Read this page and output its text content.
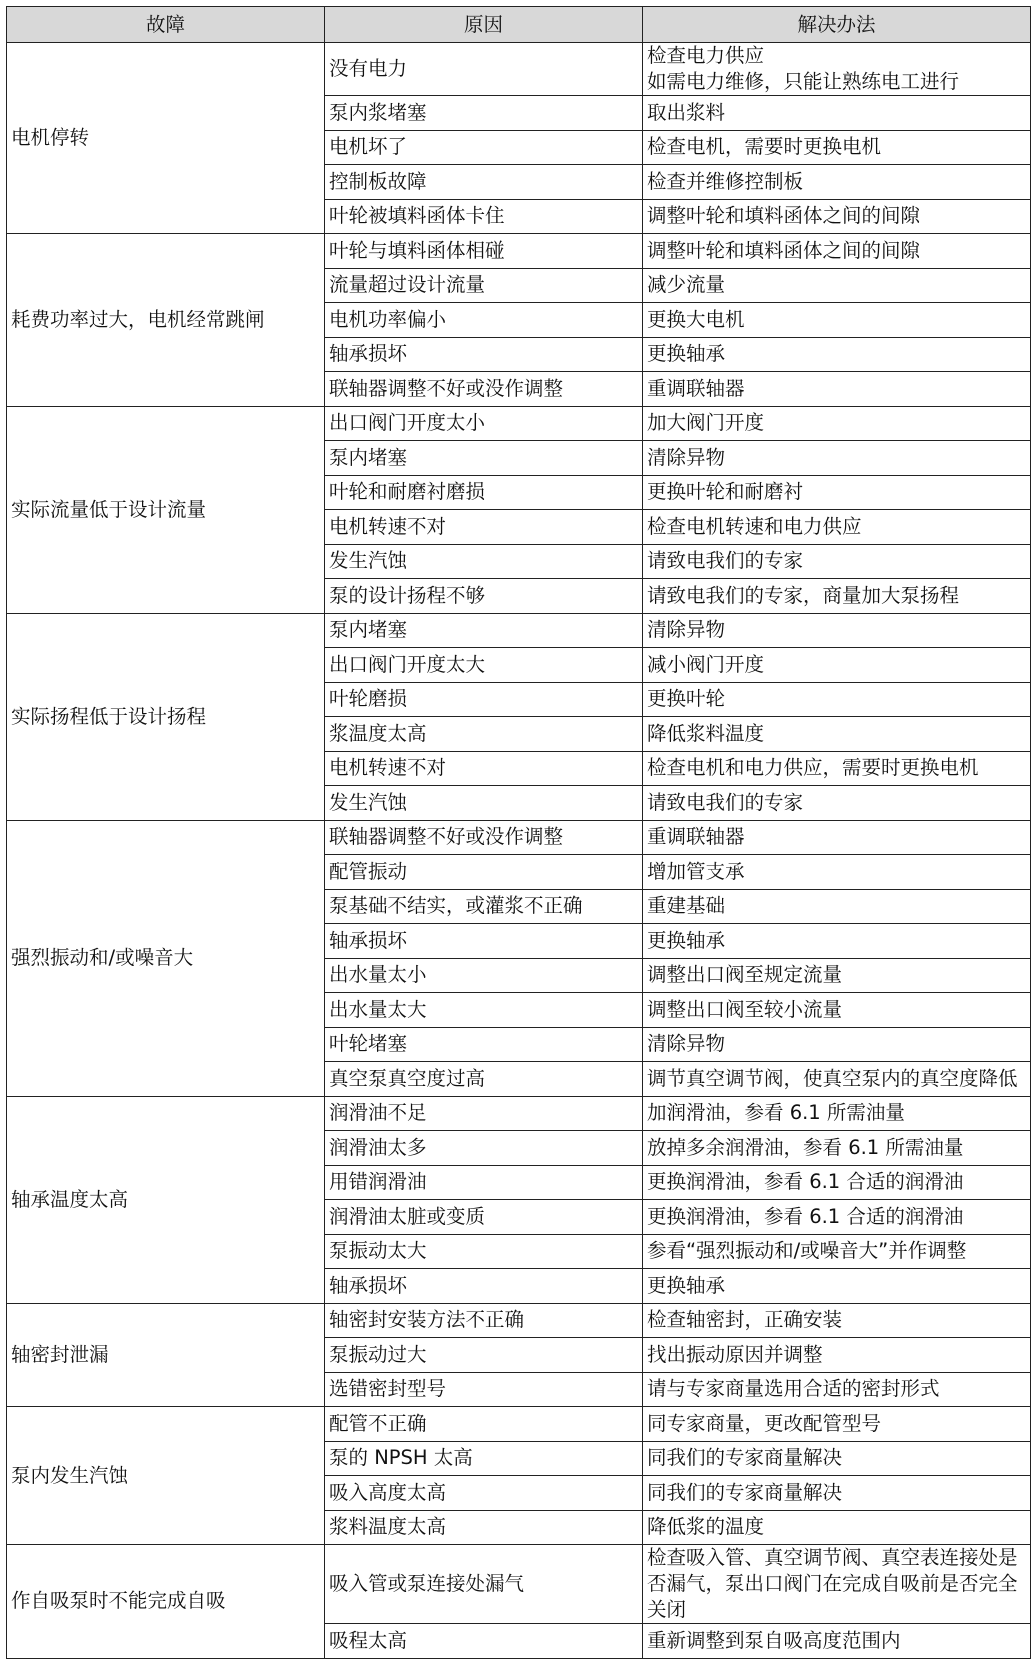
故障	原因	解决办法
电机停转	没有电力	检查电力供应
如需电力维修，只能让熟练电工进行

	泵内浆堵塞	取出浆料

	电机坏了	检查电机，需要时更换电机

	控制板故障	检查并维修控制板

	叶轮被填料函体卡住	调整叶轮和填料函体之间的间隙

耗费功率过大，电机经常跳闸	叶轮与填料函体相碰	调整叶轮和填料函体之间的间隙

	流量超过设计流量	减少流量

	电机功率偏小	更换大电机

	轴承损坏	更换轴承

	联轴器调整不好或没作调整	重调联轴器

实际流量低于设计流量	出口阀门开度太小	加大阀门开度

	泵内堵塞	清除异物

	叶轮和耐磨衬磨损	更换叶轮和耐磨衬

	电机转速不对	检查电机转速和电力供应

	发生汽蚀	请致电我们的专家

	泵的设计扬程不够	请致电我们的专家，商量加大泵扬程

实际扬程低于设计扬程	泵内堵塞	清除异物

	出口阀门开度太大	减小阀门开度

	叶轮磨损	更换叶轮

	浆温度太高	降低浆料温度

	电机转速不对	检查电机和电力供应，需要时更换电机

	发生汽蚀	请致电我们的专家

强烈振动和/或噪音大	联轴器调整不好或没作调整	重调联轴器

	配管振动	增加管支承

	泵基础不结实，或灌浆不正确	重建基础

	轴承损坏	更换轴承

	出水量太小	调整出口阀至规定流量

	出水量太大	调整出口阀至较小流量

	叶轮堵塞	清除异物

	真空泵真空度过高	调节真空调节阀，使真空泵内的真空度降低

轴承温度太高	润滑油不足	加润滑油，参看 6.1 所需油量

	润滑油太多	放掉多余润滑油，参看 6.1 所需油量

	用错润滑油	更换润滑油，参看 6.1 合适的润滑油

	润滑油太脏或变质	更换润滑油，参看 6.1 合适的润滑油

	泵振动太大	参看“强烈振动和/或噪音大”并作调整

	轴承损坏	更换轴承

轴密封泄漏	轴密封安装方法不正确	检查轴密封，正确安装

	泵振动过大	找出振动原因并调整

	选错密封型号	请与专家商量选用合适的密封形式

泵内发生汽蚀	配管不正确	同专家商量，更改配管型号

	泵的 NPSH 太高	同我们的专家商量解决

	吸入高度太高	同我们的专家商量解决

	浆料温度太高	降低浆的温度

作自吸泵时不能完成自吸	吸入管或泵连接处漏气	检查吸入管、真空调节阀、真空表连接处是
否漏气，泵出口阀门在完成自吸前是否完全
关闭

	吸程太高	重新调整到泵自吸高度范围内
